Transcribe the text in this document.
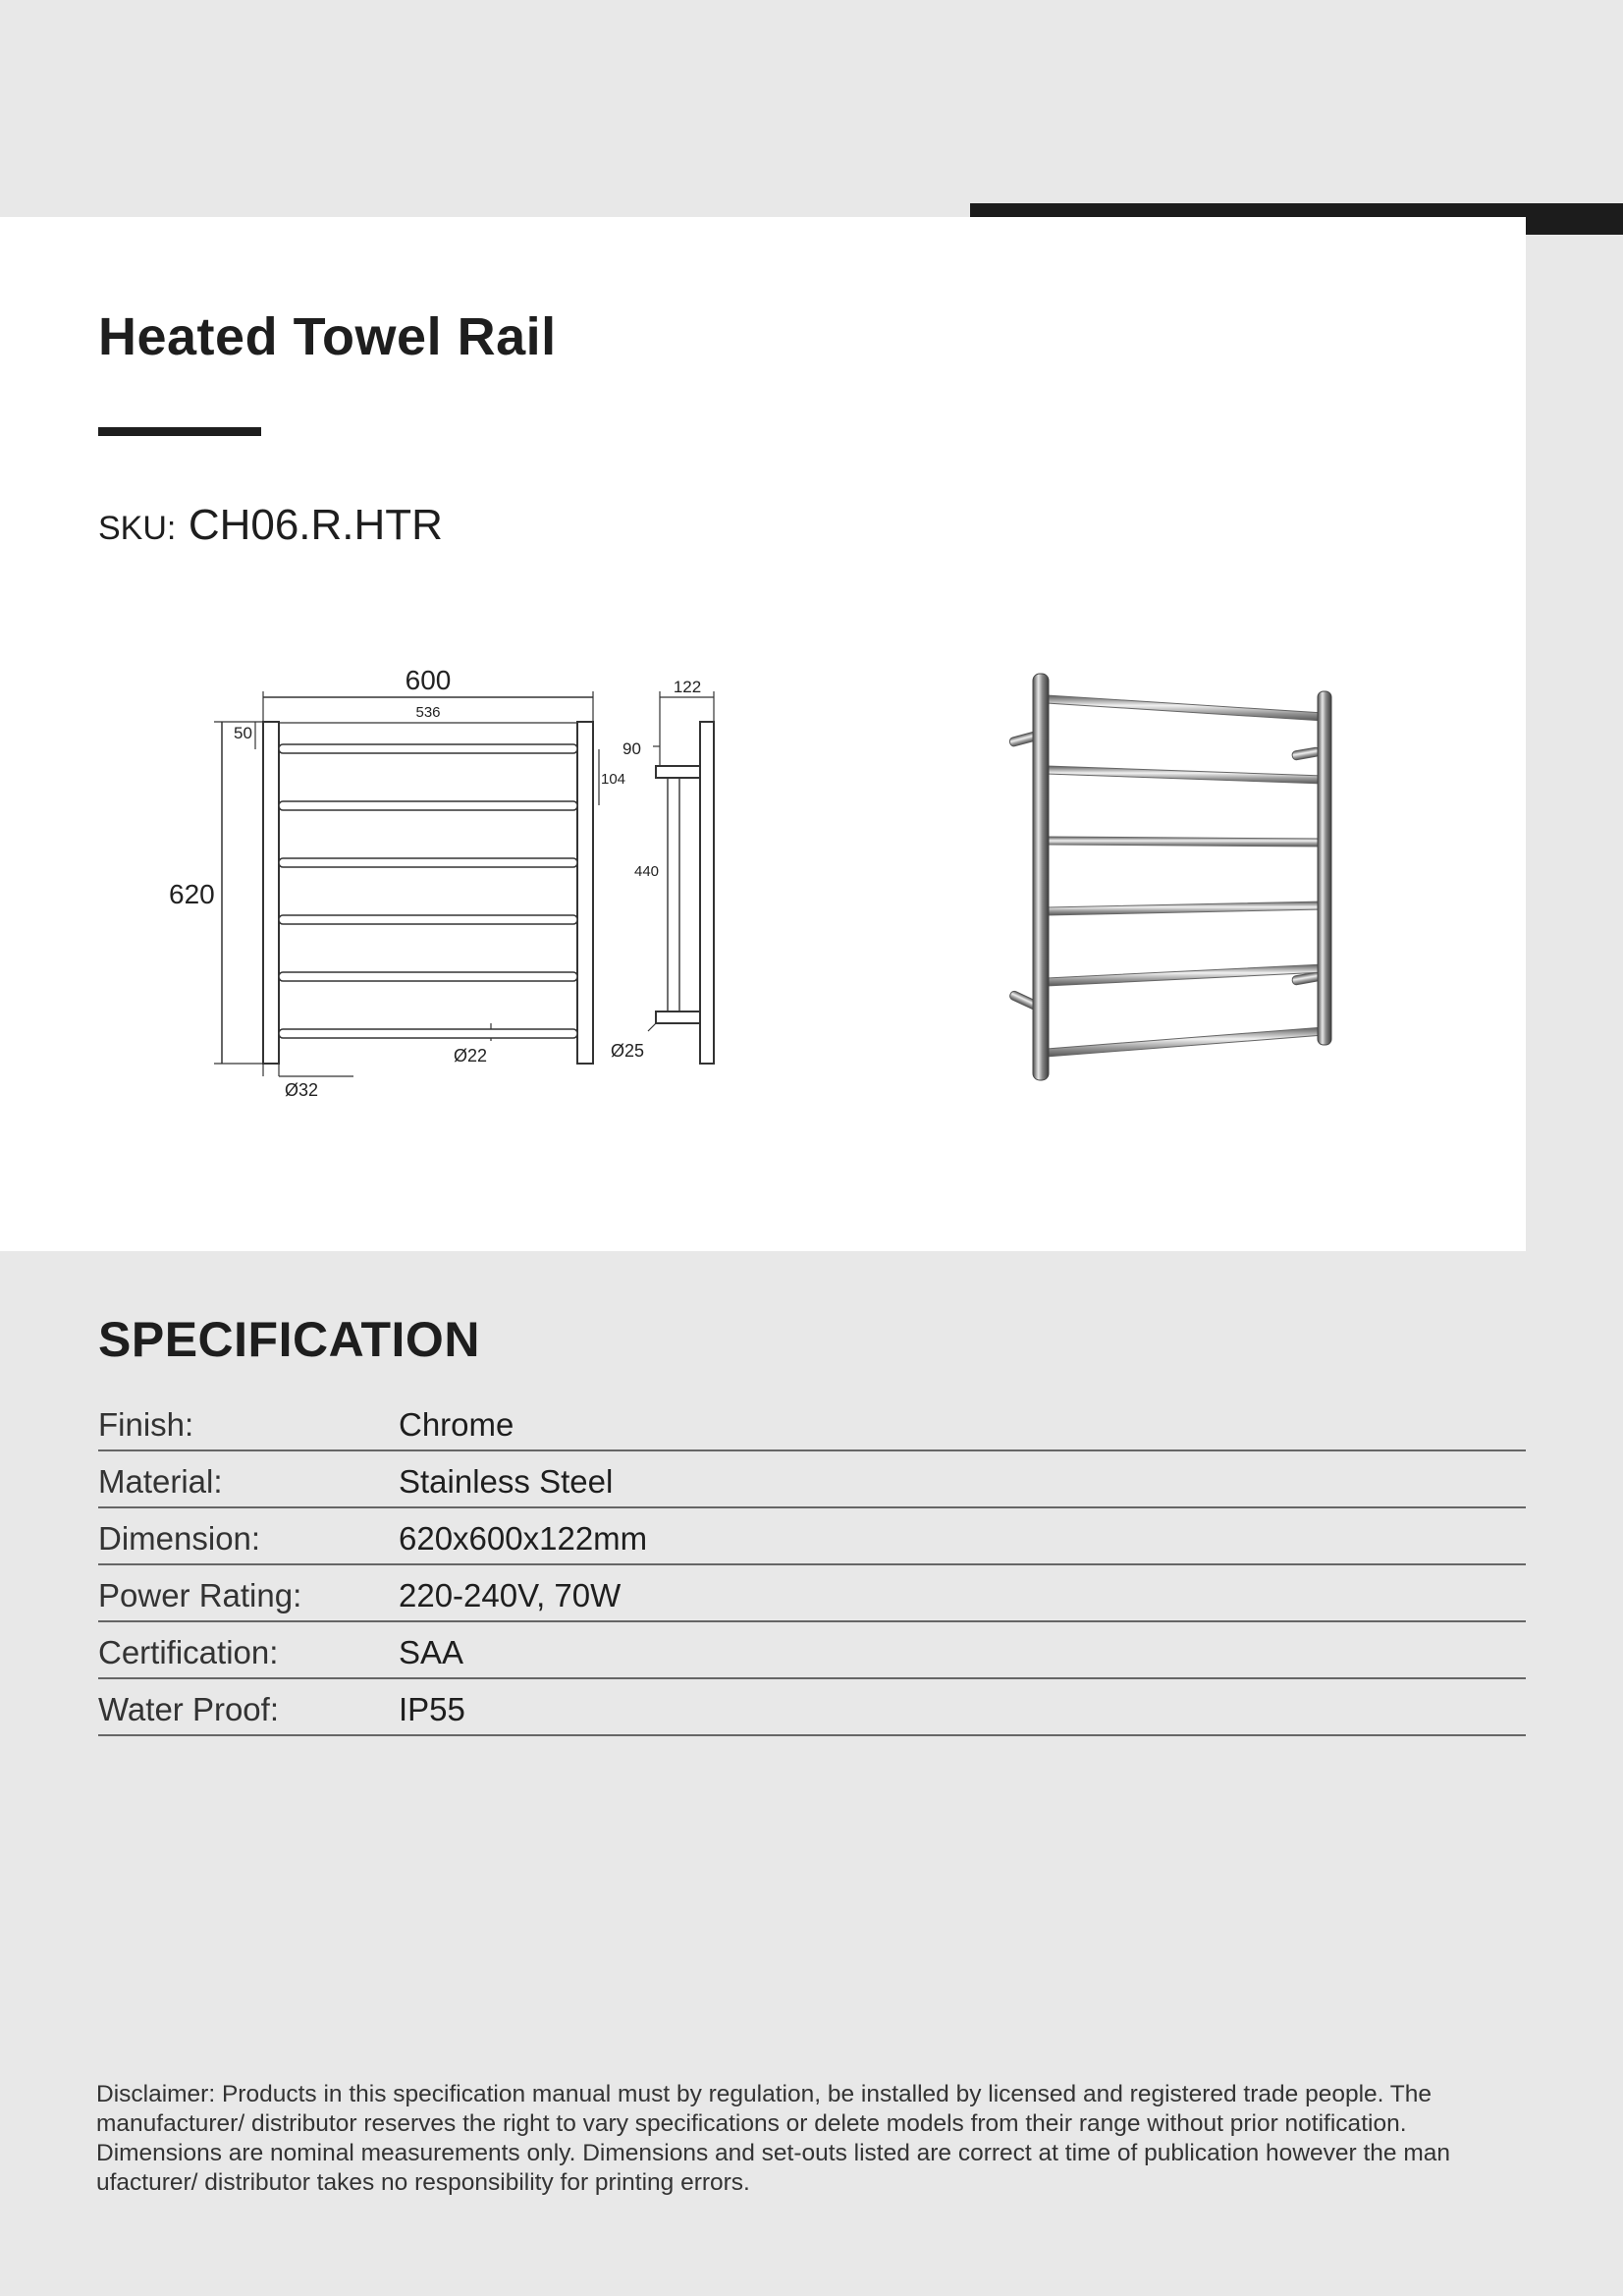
Heated Towel Rail
SKU: CH06.R.HTR
600
536
620
50
104
122
90
440
Ø22	Ø25
Ø32
SPECIFICATION
Finish:	Chrome
Material:	Stainless Steel
Dimension:	620x600x122mm
Power Rating:	220-240V, 70W
Certification:	SAA
Water Proof:	IP55

Disclaimer: Products in this specification manual must by regulation, be installed by licensed and registered trade people. The manufacturer/ distributor reserves the right to vary specifications or delete models from their range without prior notification. Dimensions are nominal measurements only. Dimensions and set-outs listed are correct at time of publication however the man ufacturer/ distributor takes no responsibility for printing errors.
